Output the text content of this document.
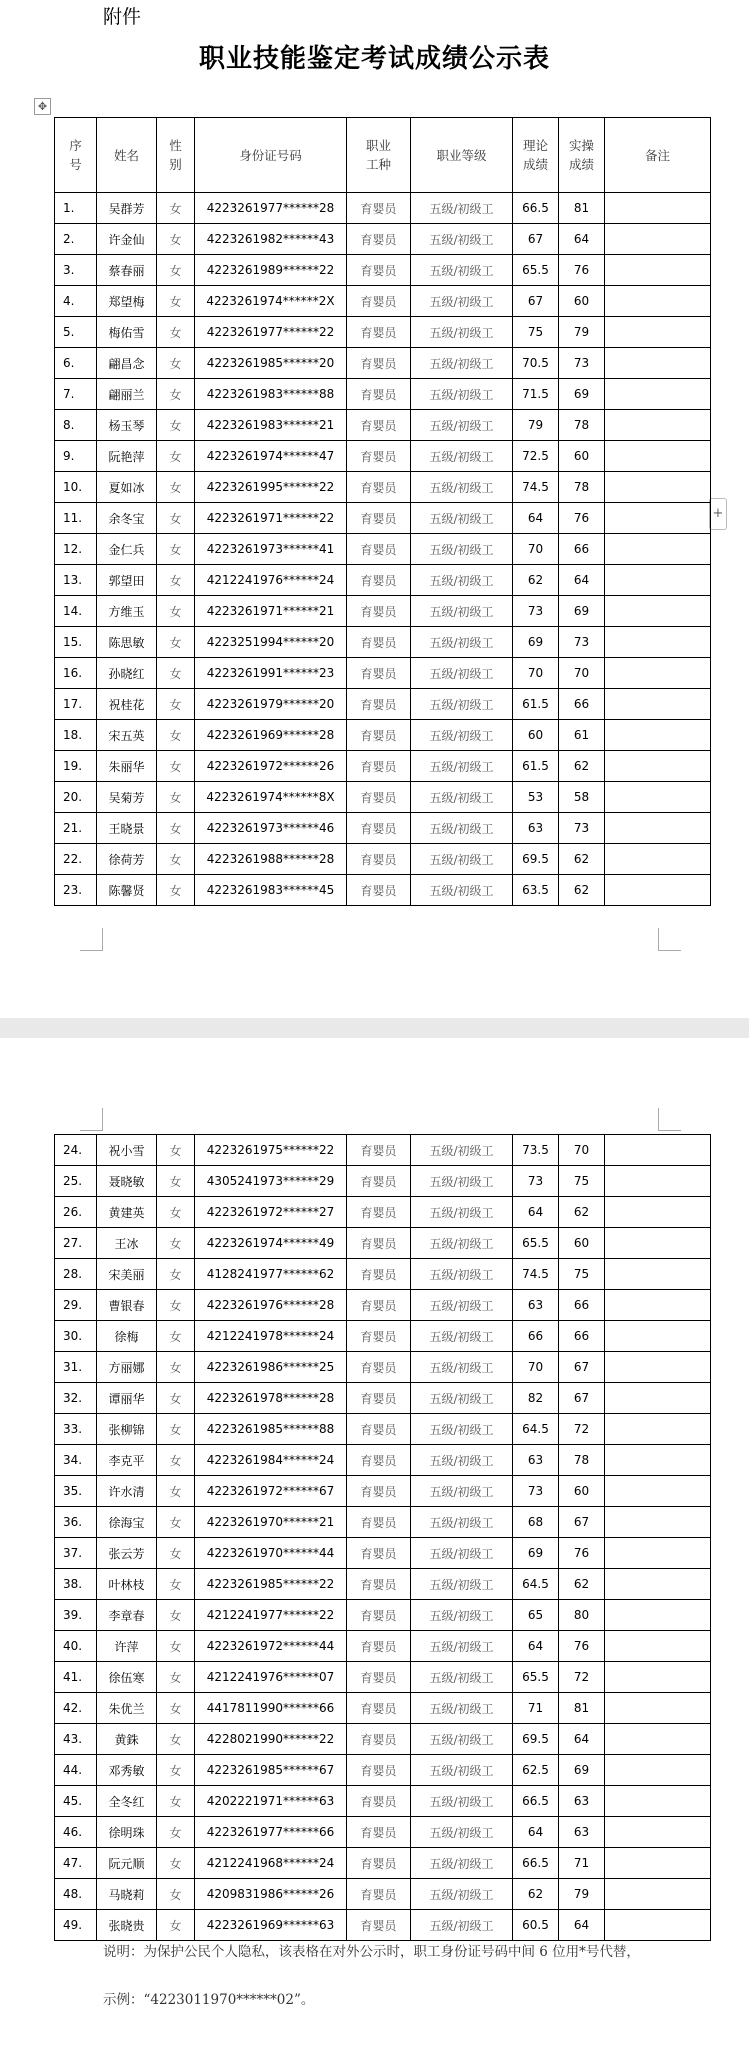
附件
职业技能鉴定考试成绩公示表
✥
+
序号	姓名	性别	身份证号码	职业工种	职业等级	理论成绩	实操成绩	备注
1.	吴群芳	女	4223261977******28	育婴员	五级/初级工	66.5	81	
2.	许金仙	女	4223261982******43	育婴员	五级/初级工	67	64	
3.	蔡春丽	女	4223261989******22	育婴员	五级/初级工	65.5	76	
4.	郑望梅	女	4223261974******2X	育婴员	五级/初级工	67	60	
5.	梅佑雪	女	4223261977******22	育婴员	五级/初级工	75	79	
6.	翩昌念	女	4223261985******20	育婴员	五级/初级工	70.5	73	
7.	翩丽兰	女	4223261983******88	育婴员	五级/初级工	71.5	69	
8.	杨玉琴	女	4223261983******21	育婴员	五级/初级工	79	78	
9.	阮艳萍	女	4223261974******47	育婴员	五级/初级工	72.5	60	
10.	夏如冰	女	4223261995******22	育婴员	五级/初级工	74.5	78	
11.	余冬宝	女	4223261971******22	育婴员	五级/初级工	64	76	
12.	金仁兵	女	4223261973******41	育婴员	五级/初级工	70	66	
13.	郭望田	女	4212241976******24	育婴员	五级/初级工	62	64	
14.	方维玉	女	4223261971******21	育婴员	五级/初级工	73	69	
15.	陈思敏	女	4223251994******20	育婴员	五级/初级工	69	73	
16.	孙晓红	女	4223261991******23	育婴员	五级/初级工	70	70	
17.	祝桂花	女	4223261979******20	育婴员	五级/初级工	61.5	66	
18.	宋五英	女	4223261969******28	育婴员	五级/初级工	60	61	
19.	朱丽华	女	4223261972******26	育婴员	五级/初级工	61.5	62	
20.	吴菊芳	女	4223261974******8X	育婴员	五级/初级工	53	58	
21.	王晓景	女	4223261973******46	育婴员	五级/初级工	63	73	
22.	徐荷芳	女	4223261988******28	育婴员	五级/初级工	69.5	62	
23.	陈馨贤	女	4223261983******45	育婴员	五级/初级工	63.5	62	
24.	祝小雪	女	4223261975******22	育婴员	五级/初级工	73.5	70	
25.	聂晓敏	女	4305241973******29	育婴员	五级/初级工	73	75	
26.	黄建英	女	4223261972******27	育婴员	五级/初级工	64	62	
27.	王冰	女	4223261974******49	育婴员	五级/初级工	65.5	60	
28.	宋美丽	女	4128241977******62	育婴员	五级/初级工	74.5	75	
29.	曹银春	女	4223261976******28	育婴员	五级/初级工	63	66	
30.	徐梅	女	4212241978******24	育婴员	五级/初级工	66	66	
31.	方丽娜	女	4223261986******25	育婴员	五级/初级工	70	67	
32.	谭丽华	女	4223261978******28	育婴员	五级/初级工	82	67	
33.	张柳锦	女	4223261985******88	育婴员	五级/初级工	64.5	72	
34.	李克平	女	4223261984******24	育婴员	五级/初级工	63	78	
35.	许水清	女	4223261972******67	育婴员	五级/初级工	73	60	
36.	徐海宝	女	4223261970******21	育婴员	五级/初级工	68	67	
37.	张云芳	女	4223261970******44	育婴员	五级/初级工	69	76	
38.	叶林枝	女	4223261985******22	育婴员	五级/初级工	64.5	62	
39.	李章春	女	4212241977******22	育婴员	五级/初级工	65	80	
40.	许萍	女	4223261972******44	育婴员	五级/初级工	64	76	
41.	徐伍寒	女	4212241976******07	育婴员	五级/初级工	65.5	72	
42.	朱优兰	女	4417811990******66	育婴员	五级/初级工	71	81	
43.	黄銖	女	4228021990******22	育婴员	五级/初级工	69.5	64	
44.	邓秀敏	女	4223261985******67	育婴员	五级/初级工	62.5	69	
45.	全冬红	女	4202221971******63	育婴员	五级/初级工	66.5	63	
46.	徐明珠	女	4223261977******66	育婴员	五级/初级工	64	63	
47.	阮元顺	女	4212241968******24	育婴员	五级/初级工	66.5	71	
48.	马晓莉	女	4209831986******26	育婴员	五级/初级工	62	79	
49.	张晓贵	女	4223261969******63	育婴员	五级/初级工	60.5	64	
说明：为保护公民个人隐私，该表格在对外公示时，职工身份证号码中间 6 位用*号代替，
示例：“4223011970******02”。
